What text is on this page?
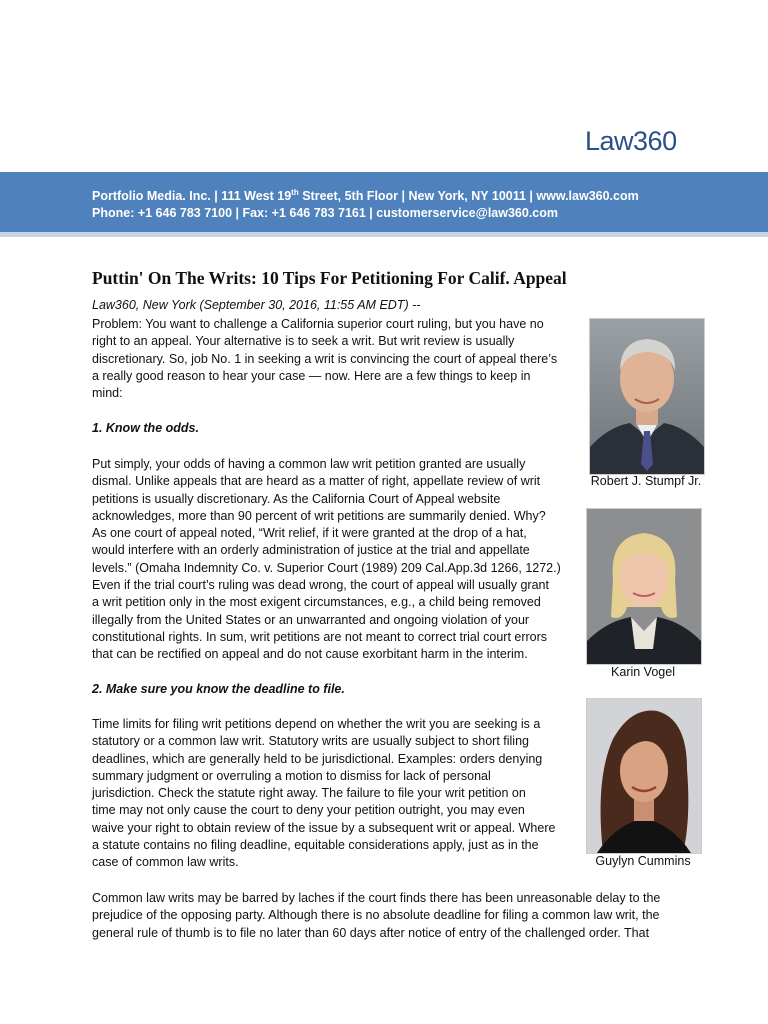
Law360
Portfolio Media. Inc. | 111 West 19th Street, 5th Floor | New York, NY 10011 | www.law360.com
Phone: +1 646 783 7100 | Fax: +1 646 783 7161 | customerservice@law360.com
Puttin' On The Writs: 10 Tips For Petitioning For Calif. Appeal
Law360, New York (September 30, 2016, 11:55 AM EDT) --
Problem: You want to challenge a California superior court ruling, but you have no
right to an appeal. Your alternative is to seek a writ. But writ review is usually
discretionary. So, job No. 1 in seeking a writ is convincing the court of appeal there’s
a really good reason to hear your case — now. Here are a few things to keep in
mind:
1. Know the odds.
Put simply, your odds of having a common law writ petition granted are usually
dismal. Unlike appeals that are heard as a matter of right, appellate review of writ
petitions is usually discretionary. As the California Court of Appeal website
acknowledges, more than 90 percent of writ petitions are summarily denied. Why?
As one court of appeal noted, “Writ relief, if it were granted at the drop of a hat,
would interfere with an orderly administration of justice at the trial and appellate
levels.” (Omaha Indemnity Co. v. Superior Court (1989) 209 Cal.App.3d 1266, 1272.)
Even if the trial court’s ruling was dead wrong, the court of appeal will usually grant
a writ petition only in the most exigent circumstances, e.g., a child being removed
illegally from the United States or an unwarranted and ongoing violation of your
constitutional rights. In sum, writ petitions are not meant to correct trial court errors
that can be rectified on appeal and do not cause exorbitant harm in the interim.
2. Make sure you know the deadline to file.
Time limits for filing writ petitions depend on whether the writ you are seeking is a
statutory or a common law writ. Statutory writs are usually subject to short filing
deadlines, which are generally held to be jurisdictional. Examples: orders denying
summary judgment or overruling a motion to dismiss for lack of personal
jurisdiction. Check the statute right away. The failure to file your writ petition on
time may not only cause the court to deny your petition outright, you may even
waive your right to obtain review of the issue by a subsequent writ or appeal. Where
a statute contains no filing deadline, equitable considerations apply, just as in the
case of common law writs.
Common law writs may be barred by laches if the court finds there has been unreasonable delay to the
prejudice of the opposing party. Although there is no absolute deadline for filing a common law writ, the
general rule of thumb is to file no later than 60 days after notice of entry of the challenged order. That
Robert J. Stumpf Jr.
Karin Vogel
Guylyn Cummins
